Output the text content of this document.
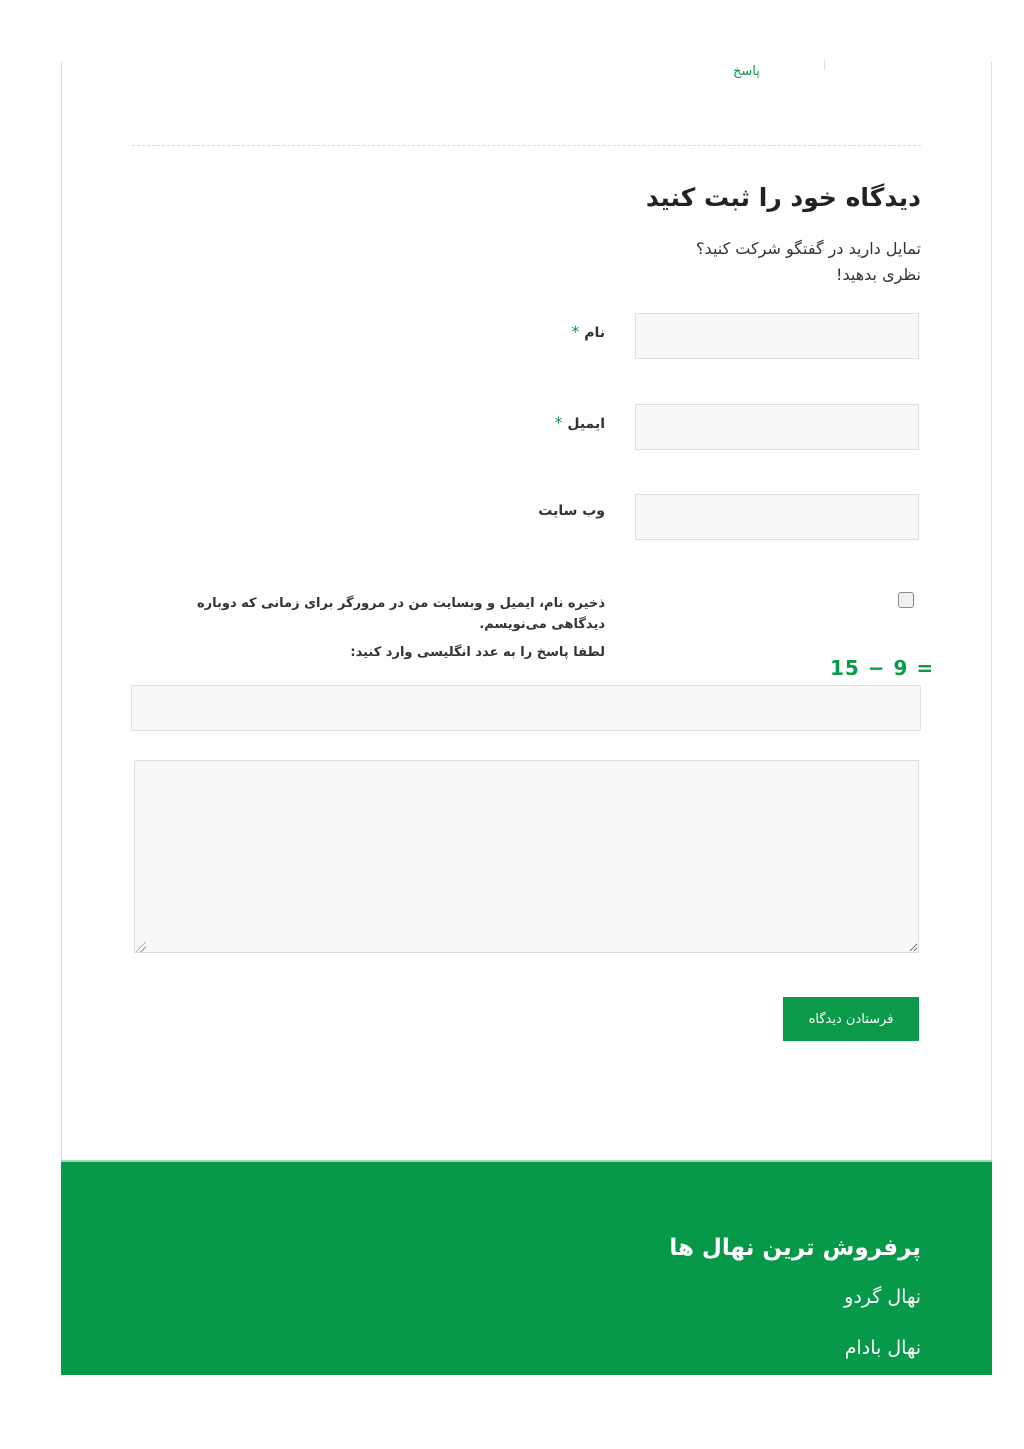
پاسخ
دیدگاه خود را ثبت کنید
تمایل دارید در گفتگو شرکت کنید؟
نظری بدهید!
نام *
ایمیل *
وب سایت
ذخیره نام، ایمیل و وبسایت من در مرورگر برای زمانی که دوباره دیدگاهی می‌نویسم.
لطفا پاسخ را به عدد انگلیسی وارد کنید:
15 − 9 =
فرستادن دیدگاه
پرفروش ترین نهال ها
نهال گردو
نهال بادام
